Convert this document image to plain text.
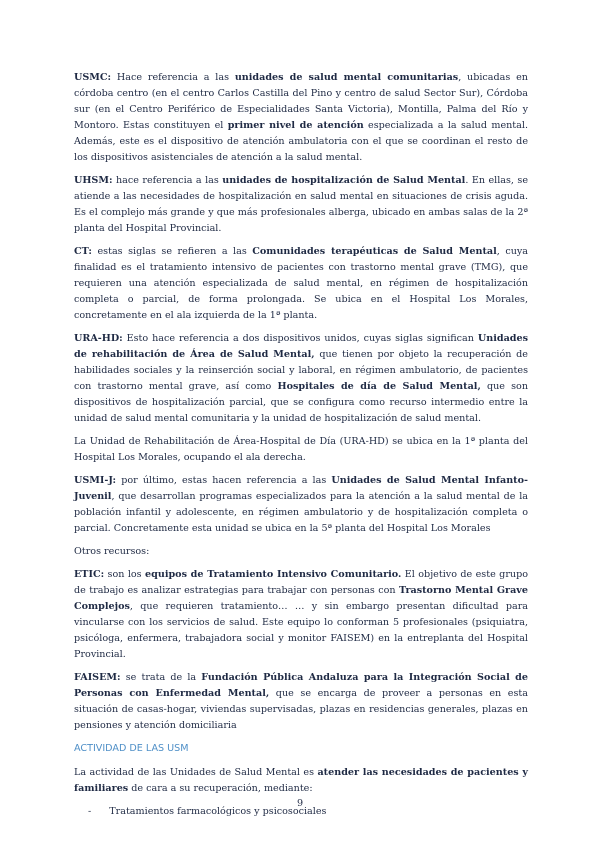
USMC: Hace referencia a las unidades de salud mental comunitarias, ubicadas en córdoba centro (en el centro Carlos Castilla del Pino y centro de salud Sector Sur), Córdoba sur (en el Centro Periférico de Especialidades Santa Victoria), Montilla, Palma del Río y Montoro. Estas constituyen el primer nivel de atención especializada a la salud mental. Además, este es el dispositivo de atención ambulatoria con el que se coordinan el resto de los dispositivos asistenciales de atención a la salud mental.

UHSM: hace referencia a las unidades de hospitalización de Salud Mental. En ellas, se atiende a las necesidades de hospitalización en salud mental en situaciones de crisis aguda. Es el complejo más grande y que más profesionales alberga, ubicado en ambas salas de la 2ª planta del Hospital Provincial.

CT: estas siglas se refieren a las Comunidades terapéuticas de Salud Mental, cuya finalidad es el tratamiento intensivo de pacientes con trastorno mental grave (TMG), que requieren una atención especializada de salud mental, en régimen de hospitalización completa o parcial, de forma prolongada. Se ubica en el Hospital Los Morales, concretamente en el ala izquierda de la 1ª planta.

URA-HD: Esto hace referencia a dos dispositivos unidos, cuyas siglas significan Unidades de rehabilitación de Área de Salud Mental, que tienen por objeto la recuperación de habilidades sociales y la reinserción social y laboral, en régimen ambulatorio, de pacientes con trastorno mental grave, así como Hospitales de día de Salud Mental, que son dispositivos de hospitalización parcial, que se configura como recurso intermedio entre la unidad de salud mental comunitaria y la unidad de hospitalización de salud mental.

La Unidad de Rehabilitación de Área-Hospital de Día (URA-HD) se ubica en la 1ª planta del Hospital Los Morales, ocupando el ala derecha.

USMI-J: por último, estas hacen referencia a las Unidades de Salud Mental Infanto-Juvenil, que desarrollan programas especializados para la atención a la salud mental de la población infantil y adolescente, en régimen ambulatorio y de hospitalización completa o parcial. Concretamente esta unidad se ubica en la 5ª planta del Hospital Los Morales

Otros recursos:

ETIC: son los equipos de Tratamiento Intensivo Comunitario. El objetivo de este grupo de trabajo es analizar estrategias para trabajar con personas con Trastorno Mental Grave Complejos, que requieren tratamiento… … y sin embargo presentan dificultad para vincularse con los servicios de salud. Este equipo lo conforman 5 profesionales (psiquiatra, psicóloga, enfermera, trabajadora social y monitor FAISEM) en la entreplanta del Hospital Provincial.

FAISEM: se trata de la Fundación Pública Andaluza para la Integración Social de Personas con Enfermedad Mental, que se encarga de proveer a personas en esta situación de casas-hogar, viviendas supervisadas, plazas en residencias generales, plazas en pensiones y atención domiciliaria

ACTIVIDAD DE LAS USM

La actividad de las Unidades de Salud Mental es atender las necesidades de pacientes y familiares de cara a su recuperación, mediante:

- Tratamientos farmacológicos y psicosociales
9
